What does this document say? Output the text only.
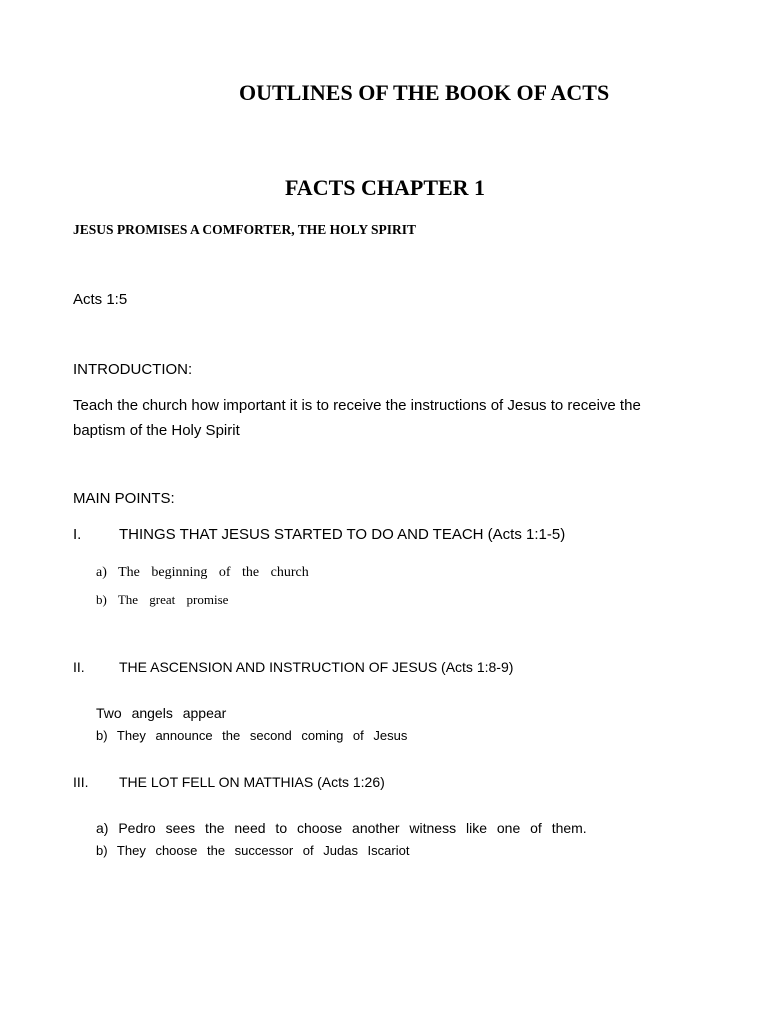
OUTLINES OF THE BOOK OF ACTS
FACTS CHAPTER 1
JESUS PROMISES A COMFORTER, THE HOLY SPIRIT
Acts 1:5
INTRODUCTION:
Teach the church how important it is to receive the instructions of Jesus to receive the baptism of the Holy Spirit
MAIN POINTS:
I.	THINGS THAT JESUS STARTED TO DO AND TEACH (Acts 1:1-5)
a) The beginning of the church
b) The great promise
II. THE ASCENSION AND INSTRUCTION OF JESUS (Acts 1:8-9)
Two angels appear
b) They announce the second coming of Jesus
III. THE LOT FELL ON MATTHIAS (Acts 1:26)
a) Pedro sees the need to choose another witness like one of them.
b) They choose the successor of Judas Iscariot
